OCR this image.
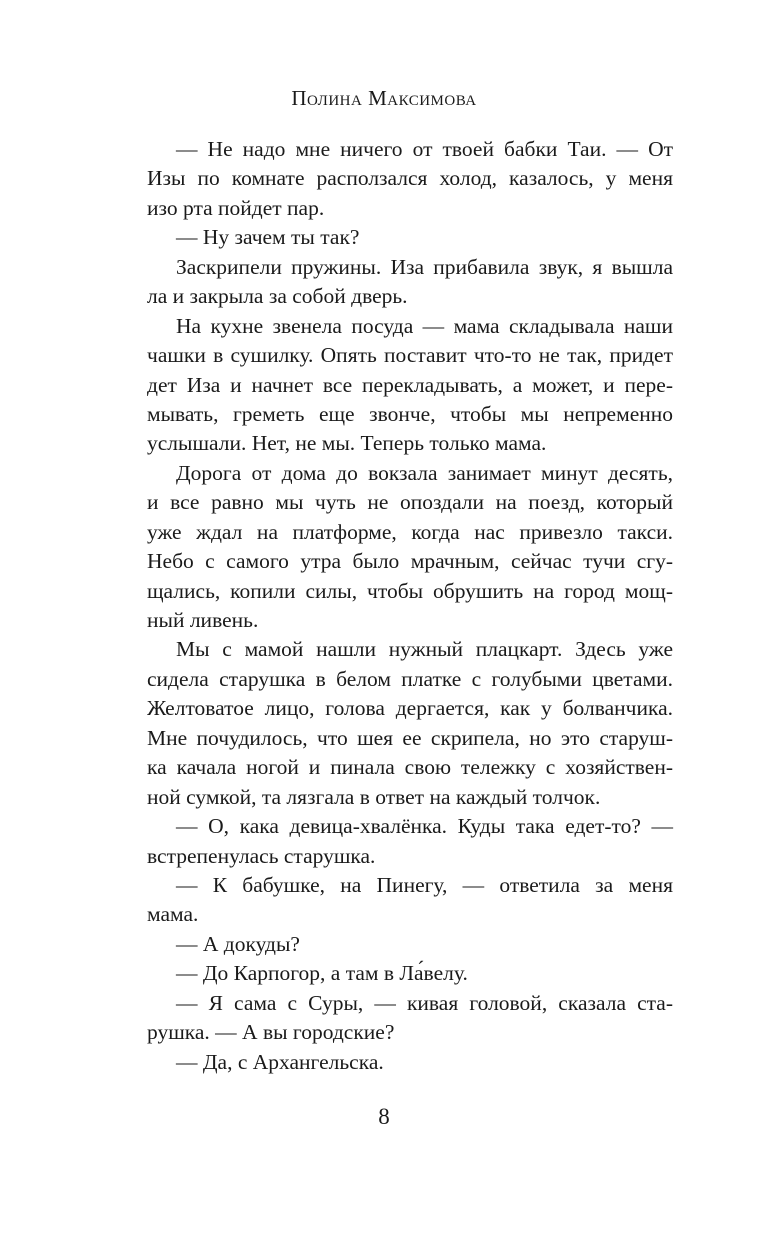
Полина Максимова
— Не надо мне ничего от твоей бабки Таи. — От
Изы по комнате расползался холод, казалось, у меня
изо рта пойдет пар.
— Ну зачем ты так?
Заскрипели пружины. Иза прибавила звук, я вышла
ла и закрыла за собой дверь.
На кухне звенела посуда — мама складывала наши
чашки в сушилку. Опять поставит что-то не так, придет
дет Иза и начнет все перекладывать, а может, и пере-
мывать, греметь еще звонче, чтобы мы непременно
услышали. Нет, не мы. Теперь только мама.
Дорога от дома до вокзала занимает минут десять,
и все равно мы чуть не опоздали на поезд, который
уже ждал на платформе, когда нас привезло такси.
Небо с самого утра было мрачным, сейчас тучи сгу-
щались, копили силы, чтобы обрушить на город мощ-
ный ливень.
Мы с мамой нашли нужный плацкарт. Здесь уже
сидела старушка в белом платке с голубыми цветами.
Желтоватое лицо, голова дергается, как у болванчика.
Мне почудилось, что шея ее скрипела, но это старуш-
ка качала ногой и пинала свою тележку с хозяйствен-
ной сумкой, та лязгала в ответ на каждый толчок.
— О, кака девица-хвалёнка. Куды така едет-то? —
встрепенулась старушка.
— К бабушке, на Пинегу, — ответила за меня
мама.
— А докуды?
— До Карпогор, а там в Ла́велу.
— Я сама с Суры, — кивая головой, сказала ста-
рушка. — А вы городские?
— Да, с Архангельска.
8
